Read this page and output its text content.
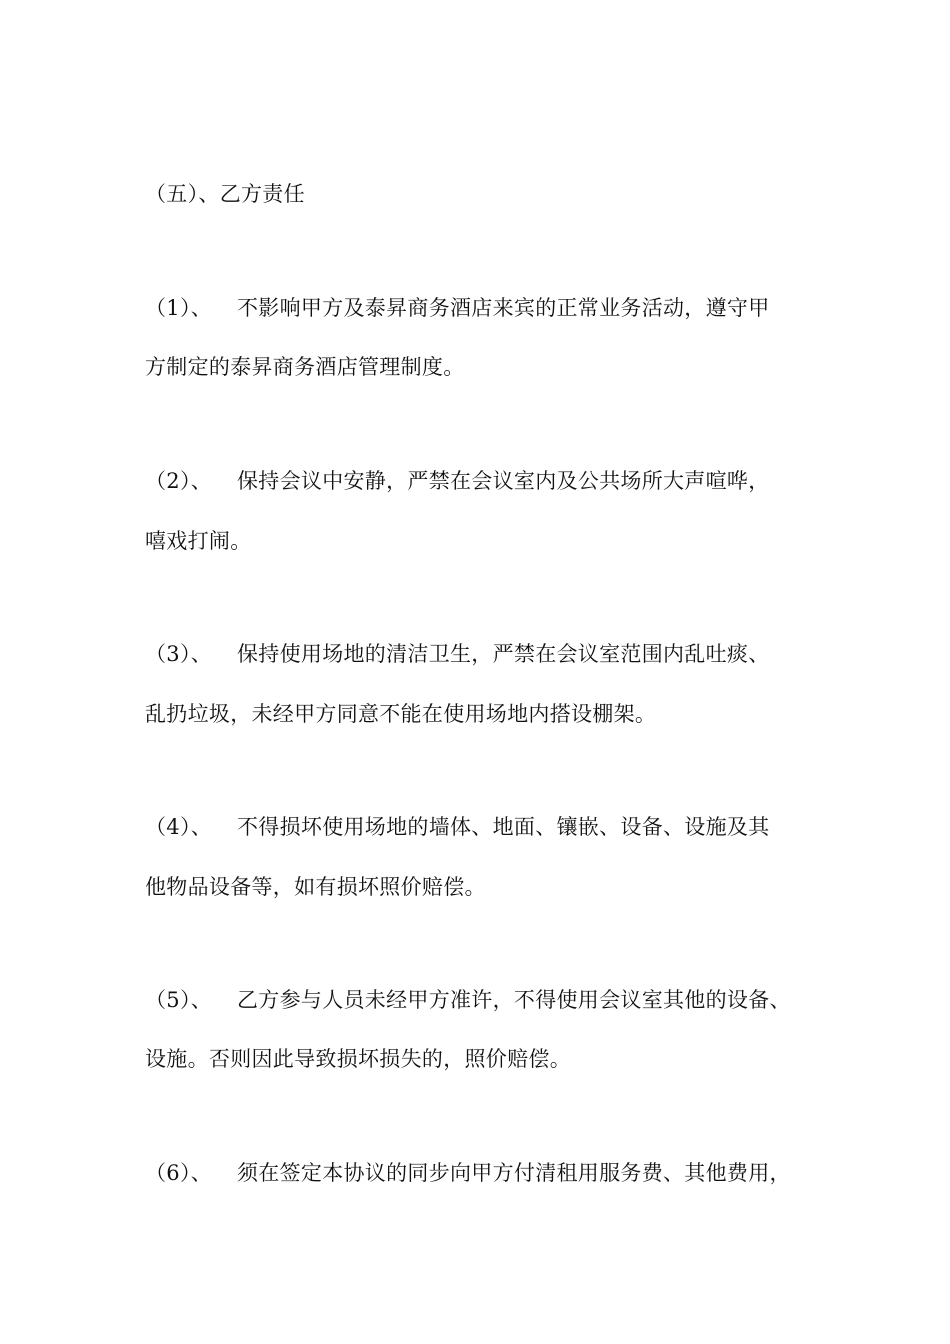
（五）、乙方责任

（1）、 不影响甲方及泰昇商务酒店来宾的正常业务活动，遵守甲

方制定的泰昇商务酒店管理制度。

（2）、 保持会议中安静，严禁在会议室内及公共场所大声喧哗，

嘻戏打闹。

（3）、 保持使用场地的清洁卫生，严禁在会议室范围内乱吐痰、

乱扔垃圾，未经甲方同意不能在使用场地内搭设棚架。

（4）、 不得损坏使用场地的墙体、地面、镶嵌、设备、设施及其

他物品设备等，如有损坏照价赔偿。

（5）、 乙方参与人员未经甲方准许，不得使用会议室其他的设备、

设施。否则因此导致损坏损失的，照价赔偿。

（6）、 须在签定本协议的同步向甲方付清租用服务费、其他费用，
